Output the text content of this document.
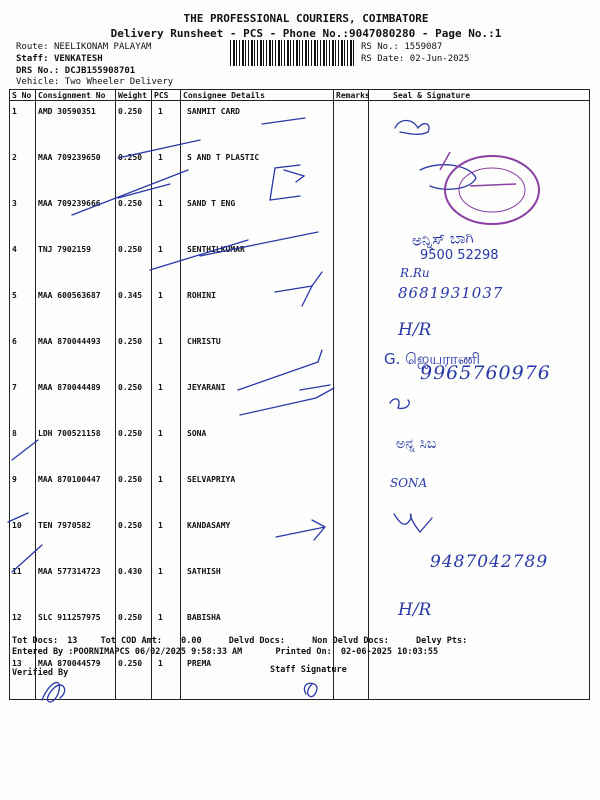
THE PROFESSIONAL COURIERS, COIMBATORE
Delivery Runsheet - PCS - Phone No.:9047080280 - Page No.:1
Route: NEELIKONAM PALAYAM
Staff: VENKATESH
DRS No.: DCJB155908701
Vehicle: Two Wheeler Delivery
RS No.: 1559087
RS Date: 02-Jun-2025
S No	Consignment No	Weight	PCS	Consignee Details	Remarks	Seal & Signature
1	AMD 30590351	0.250	1	SANMIT CARD		
2	MAA 709239650	0.250	1	S AND T PLASTIC		
3	MAA 709239666	0.250	1	SAND T ENG		
4	TNJ 7902159	0.250	1	SENTHILKUMAR		
5	MAA 600563687	0.345	1	ROHINI		
6	MAA 870044493	0.250	1	CHRISTU		
7	MAA 870044489	0.250	1	JEYARANI		
8	LDH 700521158	0.250	1	SONA		
9	MAA 870100447	0.250	1	SELVAPRIYA		
10	TEN 7970582	0.250	1	KANDASAMY		
11	MAA 577314723	0.430	1	SATHISH		
12	SLC 911257975	0.250	1	BABISHA		
13	MAA 870044579	0.250	1	PREMA		
ಅನ್ನಿಸ್ ಬಾಗಿ
9500 52298
R.Ru
8681931037
H/R
G. ஜெயராணி
9965760976
ಅನ್ನ ಸಿಬ
SONA
9487042789
H/R
Tot Docs: 13	Tot COD Amt: 0.00	Delvd Docs:	Non Delvd Docs:	Delvy Pts:
Entered By :POORNIMAPCS 06/02/2025 9:58:33 AM	Printed On: 02-06-2025 10:03:55
Verified By	Staff Signature
